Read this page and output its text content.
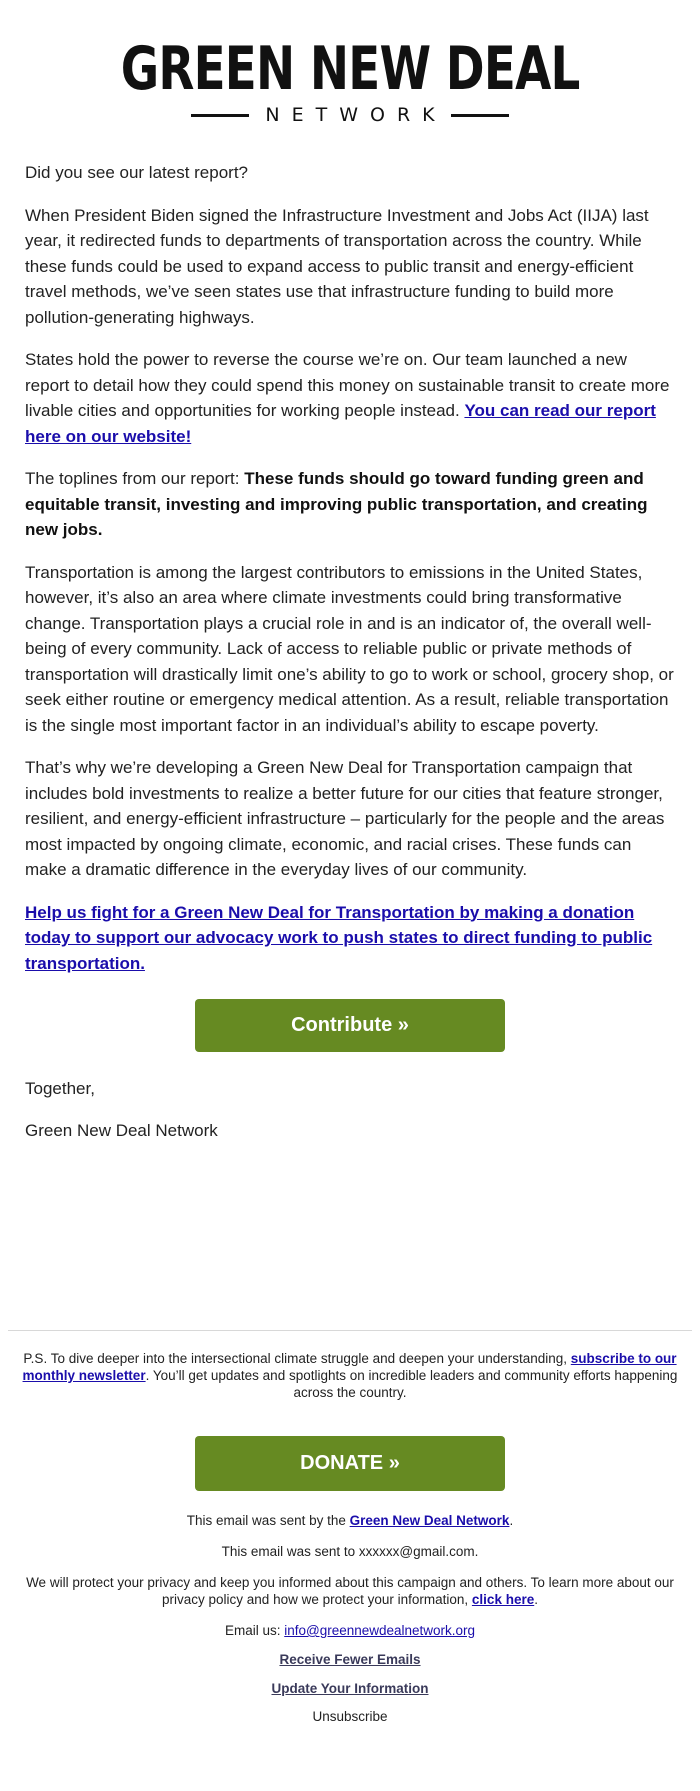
GREEN NEW DEAL
NETWORK

Did you see our latest report?

When President Biden signed the Infrastructure Investment and Jobs Act (IIJA) last year, it redirected funds to departments of transportation across the country. While these funds could be used to expand access to public transit and energy-efficient travel methods, we’ve seen states use that infrastructure funding to build more pollution-generating highways.

States hold the power to reverse the course we’re on. Our team launched a new report to detail how they could spend this money on sustainable transit to create more livable cities and opportunities for working people instead. You can read our report here on our website!

The toplines from our report: These funds should go toward funding green and equitable transit, investing and improving public transportation, and creating new jobs.

Transportation is among the largest contributors to emissions in the United States, however, it’s also an area where climate investments could bring transformative change. Transportation plays a crucial role in and is an indicator of, the overall well-being of every community. Lack of access to reliable public or private methods of transportation will drastically limit one’s ability to go to work or school, grocery shop, or seek either routine or emergency medical attention. As a result, reliable transportation is the single most important factor in an individual’s ability to escape poverty.

That’s why we’re developing a Green New Deal for Transportation campaign that includes bold investments to realize a better future for our cities that feature stronger, resilient, and energy-efficient infrastructure – particularly for the people and the areas most impacted by ongoing climate, economic, and racial crises. These funds can make a dramatic difference in the everyday lives of our community.

Help us fight for a Green New Deal for Transportation by making a donation today to support our advocacy work to push states to direct funding to public transportation.

Contribute »

Together,

Green New Deal Network

P.S. To dive deeper into the intersectional climate struggle and deepen your understanding, subscribe to our monthly newsletter. You’ll get updates and spotlights on incredible leaders and community efforts happening across the country.
DONATE »
This email was sent by the Green New Deal Network.
This email was sent to xxxxxx@gmail.com.
We will protect your privacy and keep you informed about this campaign and others. To learn more about our privacy policy and how we protect your information, click here.
Email us: info@greennewdealnetwork.org
Receive Fewer Emails
Update Your Information
Unsubscribe
